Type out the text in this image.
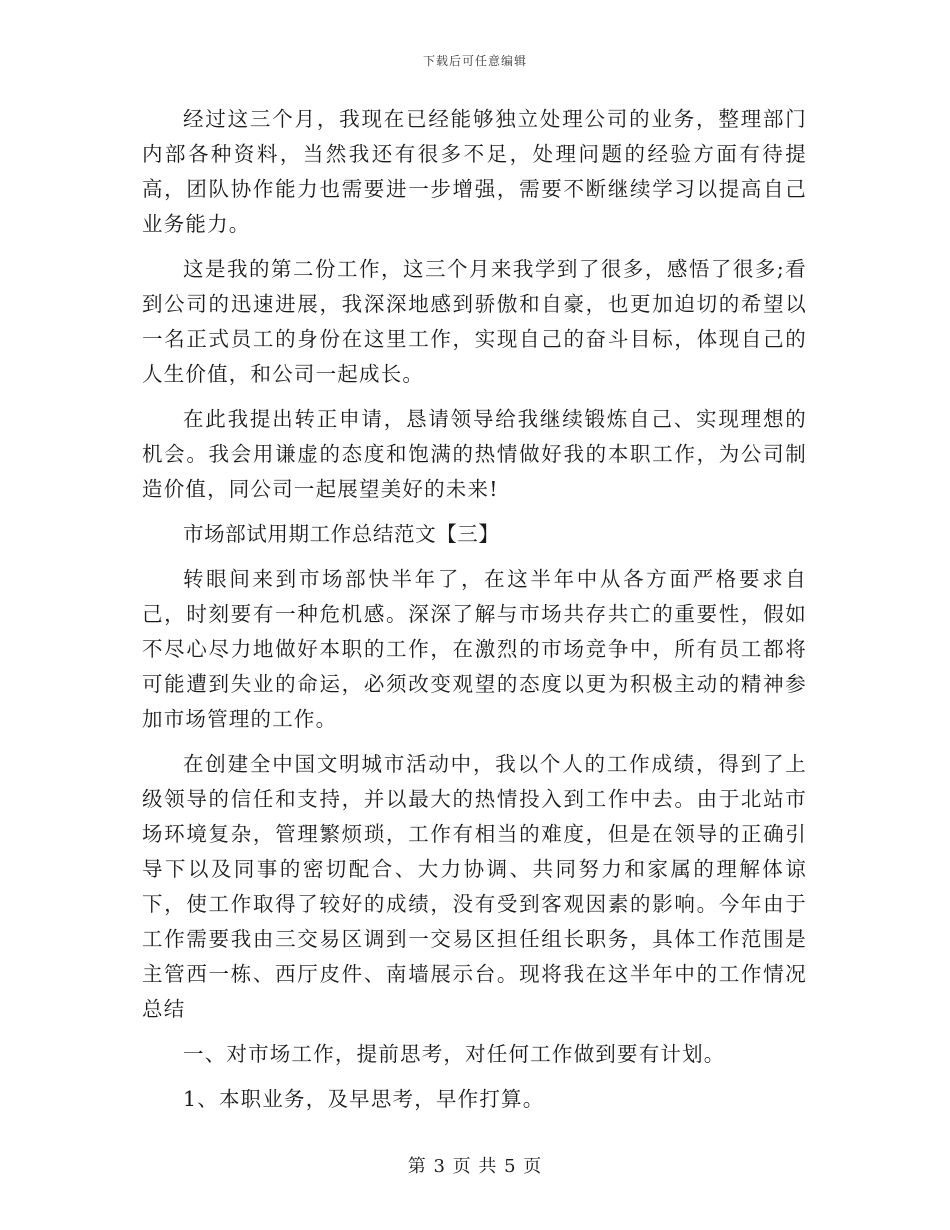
下载后可任意编辑

经过这三个月，我现在已经能够独立处理公司的业务，整理部门内部各种资料，当然我还有很多不足，处理问题的经验方面有待提高，团队协作能力也需要进一步增强，需要不断继续学习以提高自己业务能力。

这是我的第二份工作，这三个月来我学到了很多，感悟了很多;看到公司的迅速进展，我深深地感到骄傲和自豪，也更加迫切的希望以一名正式员工的身份在这里工作，实现自己的奋斗目标，体现自己的人生价值，和公司一起成长。

在此我提出转正申请，恳请领导给我继续锻炼自己、实现理想的机会。我会用谦虚的态度和饱满的热情做好我的本职工作，为公司制造价值，同公司一起展望美好的未来!

市场部试用期工作总结范文【三】

转眼间来到市场部快半年了，在这半年中从各方面严格要求自己，时刻要有一种危机感。深深了解与市场共存共亡的重要性，假如不尽心尽力地做好本职的工作，在激烈的市场竞争中，所有员工都将可能遭到失业的命运，必须改变观望的态度以更为积极主动的精神参加市场管理的工作。

在创建全中国文明城市活动中，我以个人的工作成绩，得到了上级领导的信任和支持，并以最大的热情投入到工作中去。由于北站市场环境复杂，管理繁烦琐，工作有相当的难度，但是在领导的正确引导下以及同事的密切配合、大力协调、共同努力和家属的理解体谅下，使工作取得了较好的成绩，没有受到客观因素的影响。今年由于工作需要我由三交易区调到一交易区担任组长职务，具体工作范围是主管西一栋、西厅皮件、南墙展示台。现将我在这半年中的工作情况总结

一、对市场工作，提前思考，对任何工作做到要有计划。

1、本职业务，及早思考，早作打算。

第 3 页 共 5 页
